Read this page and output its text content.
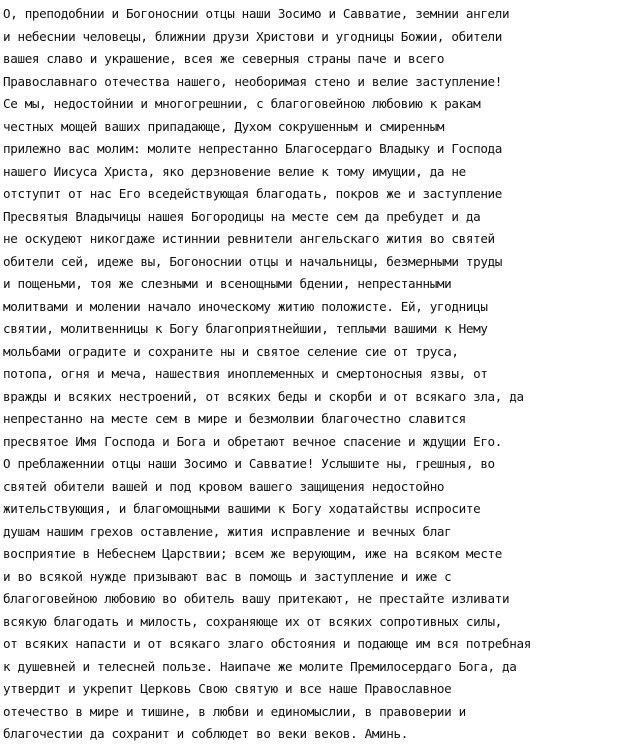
О, преподобнии и Богоноснии отцы наши Зосимо и Савватие, земнии ангели
и небеснии человецы, ближнии друзи Христови и угодницы Божии, обители
вашея славо и украшение, всея же северныя страны паче и всего
Православнаго отечества нашего, необоримая стено и велие заступление!
Се мы, недостойнии и многогрешнии, с благоговейною любовию к ракам
честных мощей ваших припадающе, Духом сокрушенным и смиренным
прилежно вас молим: молите непрестанно Благосердаго Владыку и Господа
нашего Иисуса Христа, яко дерзновение велие к тому имущии, да не
отступит от нас Его вседействующая благодать, покров же и заступление
Пресвятыя Владычицы нашея Богородицы на месте сем да пребудет и да
не оскудеют никогдаже истиннии ревнители ангельскаго жития во святей
обители сей, идеже вы, Богоноснии отцы и начальницы, безмерными труды
и пощеньми, тоя же слезными и всенощными бдении, непрестанными
молитвами и молении начало иноческому житию положисте. Ей, угодницы
святии, молитвенницы к Богу благоприятнейшии, теплыми вашими к Нему
мольбами оградите и сохраните ны и святое селение сие от труса,
потопа, огня и меча, нашествия иноплеменных и смертоносныя язвы, от
вражды и всяких нестроений, от всяких беды и скорби и от всякаго зла, да
непрестанно на месте сем в мире и безмолвии благочестно славится
пресвятое Имя Господа и Бога и обретают вечное спасение и ждущии Его.
О преблаженнии отцы наши Зосимо и Савватие! Услышите ны, грешныя, во
святей обители вашей и под кровом вашего защищения недостойно
жительствующия, и благомощными вашими к Богу ходатайствы испросите
душам нашим грехов оставление, жития исправление и вечных благ
восприятие в Небеснем Царствии; всем же верующим, иже на всяком месте
и во всякой нужде призывают вас в помощь и заступление и иже с
благоговейною любовию во обитель вашу притекают, не престайте изливати
всякую благодать и милость, сохраняюще их от всяких сопротивных силы,
от всяких напасти и от всякаго злаго обстояния и подающе им вся потребная
к душевней и телесней пользе. Наипаче же молите Премилосердаго Бога, да
утвердит и укрепит Церковь Свою святую и все наше Православное
отечество в мире и тишине, в любви и единомыслии, в правоверии и
благочестии да сохранит и соблюдет во веки веков. Аминь.
